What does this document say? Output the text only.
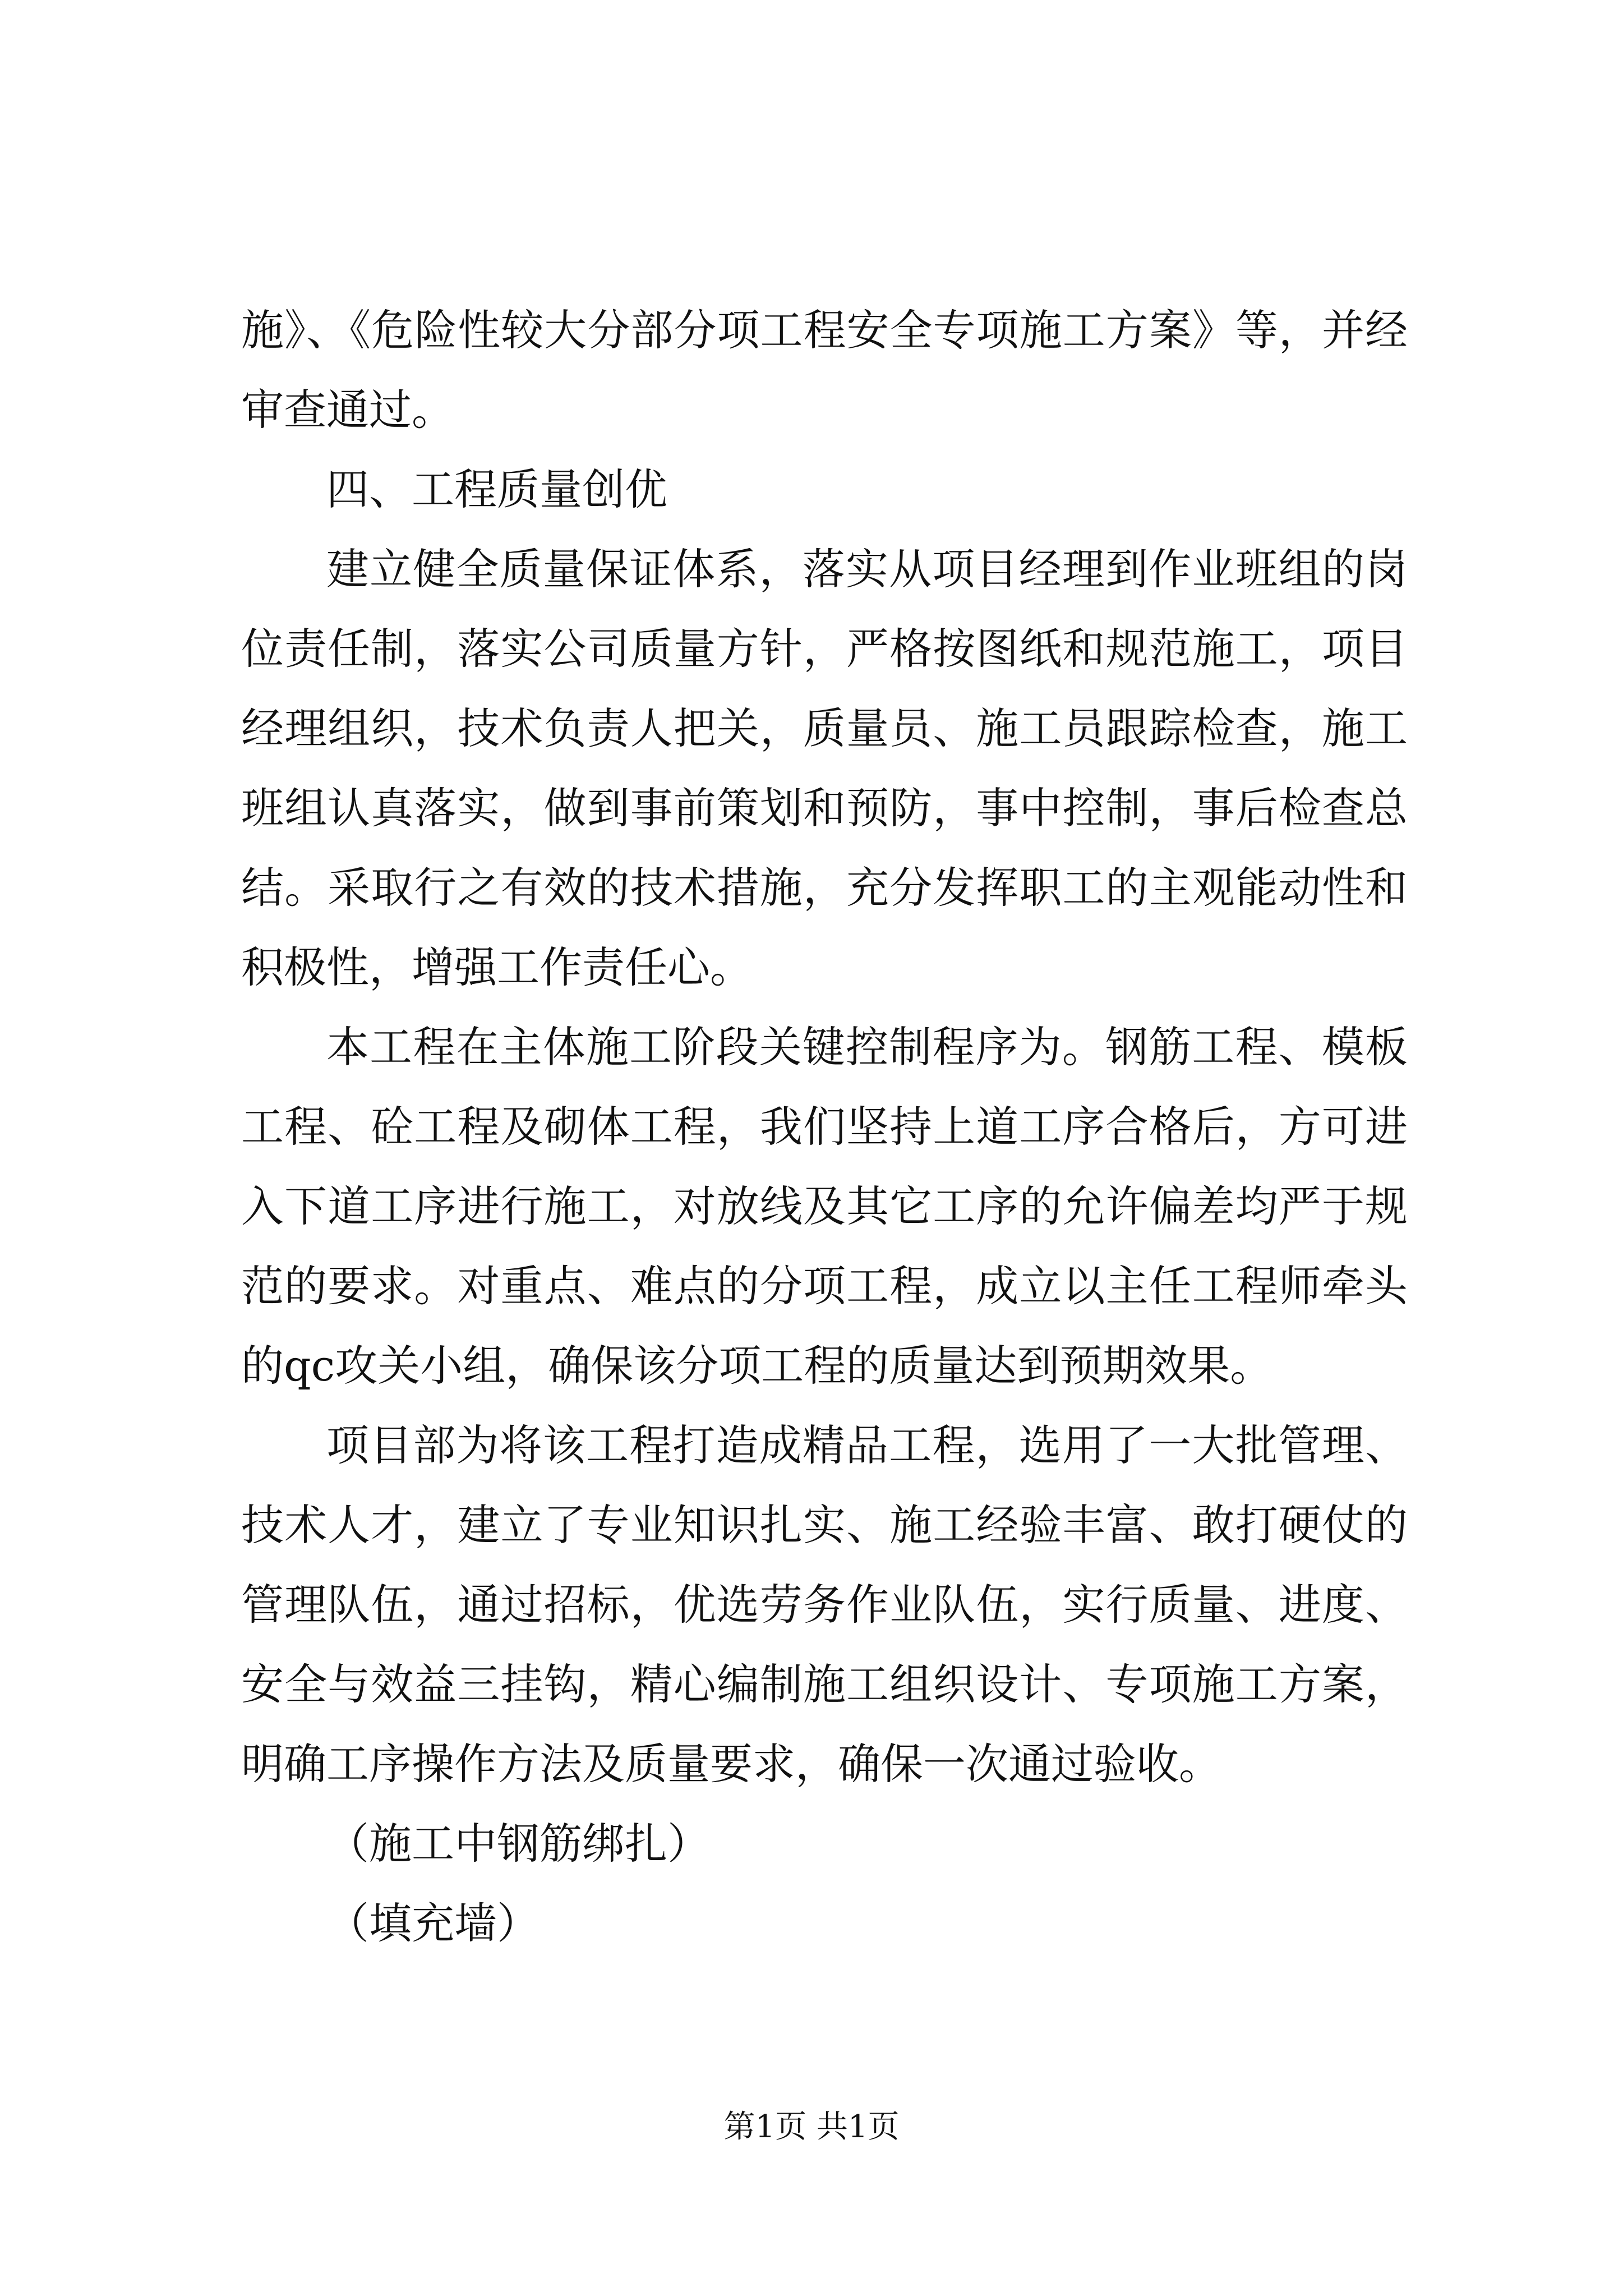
施》、《危险性较大分部分项工程安全专项施工方案》等，并经审查通过。

四、工程质量创优

建立健全质量保证体系，落实从项目经理到作业班组的岗位责任制，落实公司质量方针，严格按图纸和规范施工，项目经理组织，技术负责人把关，质量员、施工员跟踪检查，施工班组认真落实，做到事前策划和预防，事中控制，事后检查总结。采取行之有效的技术措施，充分发挥职工的主观能动性和积极性，增强工作责任心。

本工程在主体施工阶段关键控制程序为。钢筋工程、模板工程、砼工程及砌体工程，我们坚持上道工序合格后，方可进入下道工序进行施工，对放线及其它工序的允许偏差均严于规范的要求。对重点、难点的分项工程，成立以主任工程师牵头的qc攻关小组，确保该分项工程的质量达到预期效果。

项目部为将该工程打造成精品工程，选用了一大批管理、技术人才，建立了专业知识扎实、施工经验丰富、敢打硬仗的管理队伍，通过招标，优选劳务作业队伍，实行质量、进度、安全与效益三挂钩，精心编制施工组织设计、专项施工方案，明确工序操作方法及质量要求，确保一次通过验收。

（施工中钢筋绑扎）

（填充墙）

第1页 共1页
